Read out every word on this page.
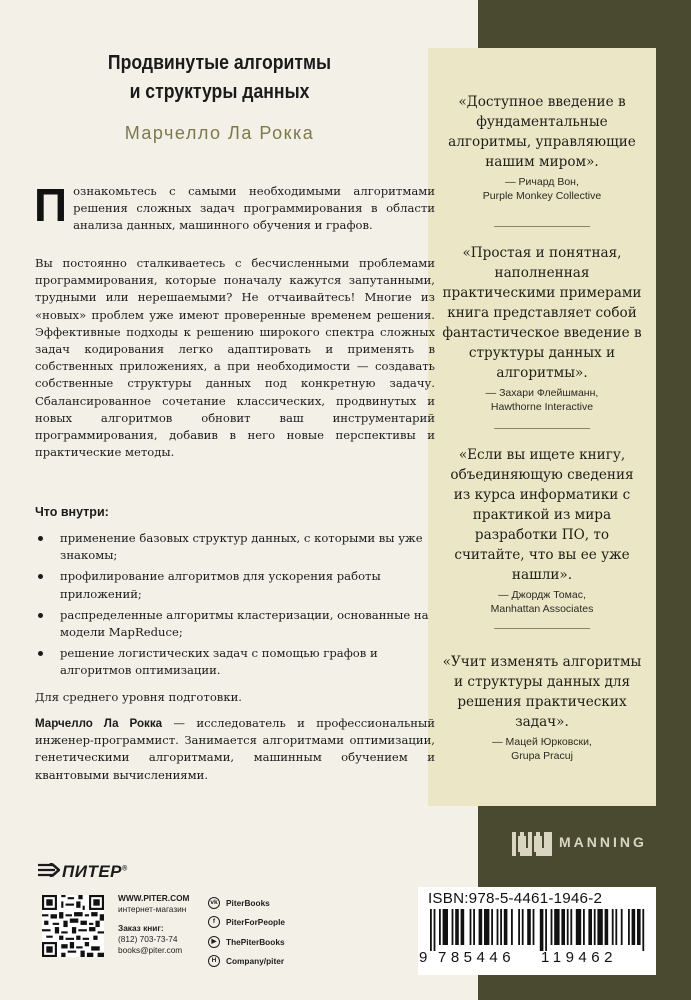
«Доступное введение в фундаментальные алгоритмы, управляющие нашим миром».
— Ричард Вон,
Purple Monkey Collective
«Простая и понятная, наполненная практическими примерами книга представляет собой фантастическое введение в структуры данных и алгоритмы».
— Захари Флейшманн,
Hawthorne Interactive
«Если вы ищете книгу, объединяющую сведения из курса информатики с практикой из мира разработки ПО, то считайте, что вы ее уже нашли».
— Джордж Томас,
Manhattan Associates
«Учит изменять алгоритмы и структуры данных для решения практических задач».
— Мацей Юрковски,
Grupa Pracuj
Продвинутые алгоритмы
и структуры данных
Марчелло Ла Рокка
Познакомьтесь с самыми необходимыми алгоритмами решения сложных задач программирования в области анализа данных, машинного обучения и графов.
Вы постоянно сталкиваетесь с бесчисленными проблемами программирования, которые поначалу кажутся запутанными, трудными или нерешаемыми? Не отчаивайтесь! Многие из «новых» проблем уже имеют проверенные временем решения. Эффективные подходы к решению широкого спектра сложных задач кодирования легко адаптировать и применять в собственных приложениях, а при необходимости — создавать собственные структуры данных под конкретную задачу. Сбалансированное сочетание классических, продвинутых и новых алгоритмов обновит ваш инструментарий программирования, добавив в него новые перспективы и практические методы.
Что внутри:
применение базовых структур данных, с которыми вы уже знакомы;
профилирование алгоритмов для ускорения работы приложений;
распределенные алгоритмы кластеризации, основанные на модели MapReduce;
решение логистических задач с помощью графов и алгоритмов оптимизации.
Для среднего уровня подготовки.
Марчелло Ла Рокка — исследователь и профессиональный инженер-программист. Занимается алгоритмами оптимизации, генетическими алгоритмами, машинным обучением и квантовыми вычислениями.
ПИТЕР®
WWW.PITER.COM
интернет-магазин
Заказ книг:
(812) 703-73-74
books@piter.com
vk PiterBooks
f	PiterForPeople
▶	ThePiterBooks
H	Company/piter
MANNING
ISBN:978-5-4461-1946-2
9 785446 119462
